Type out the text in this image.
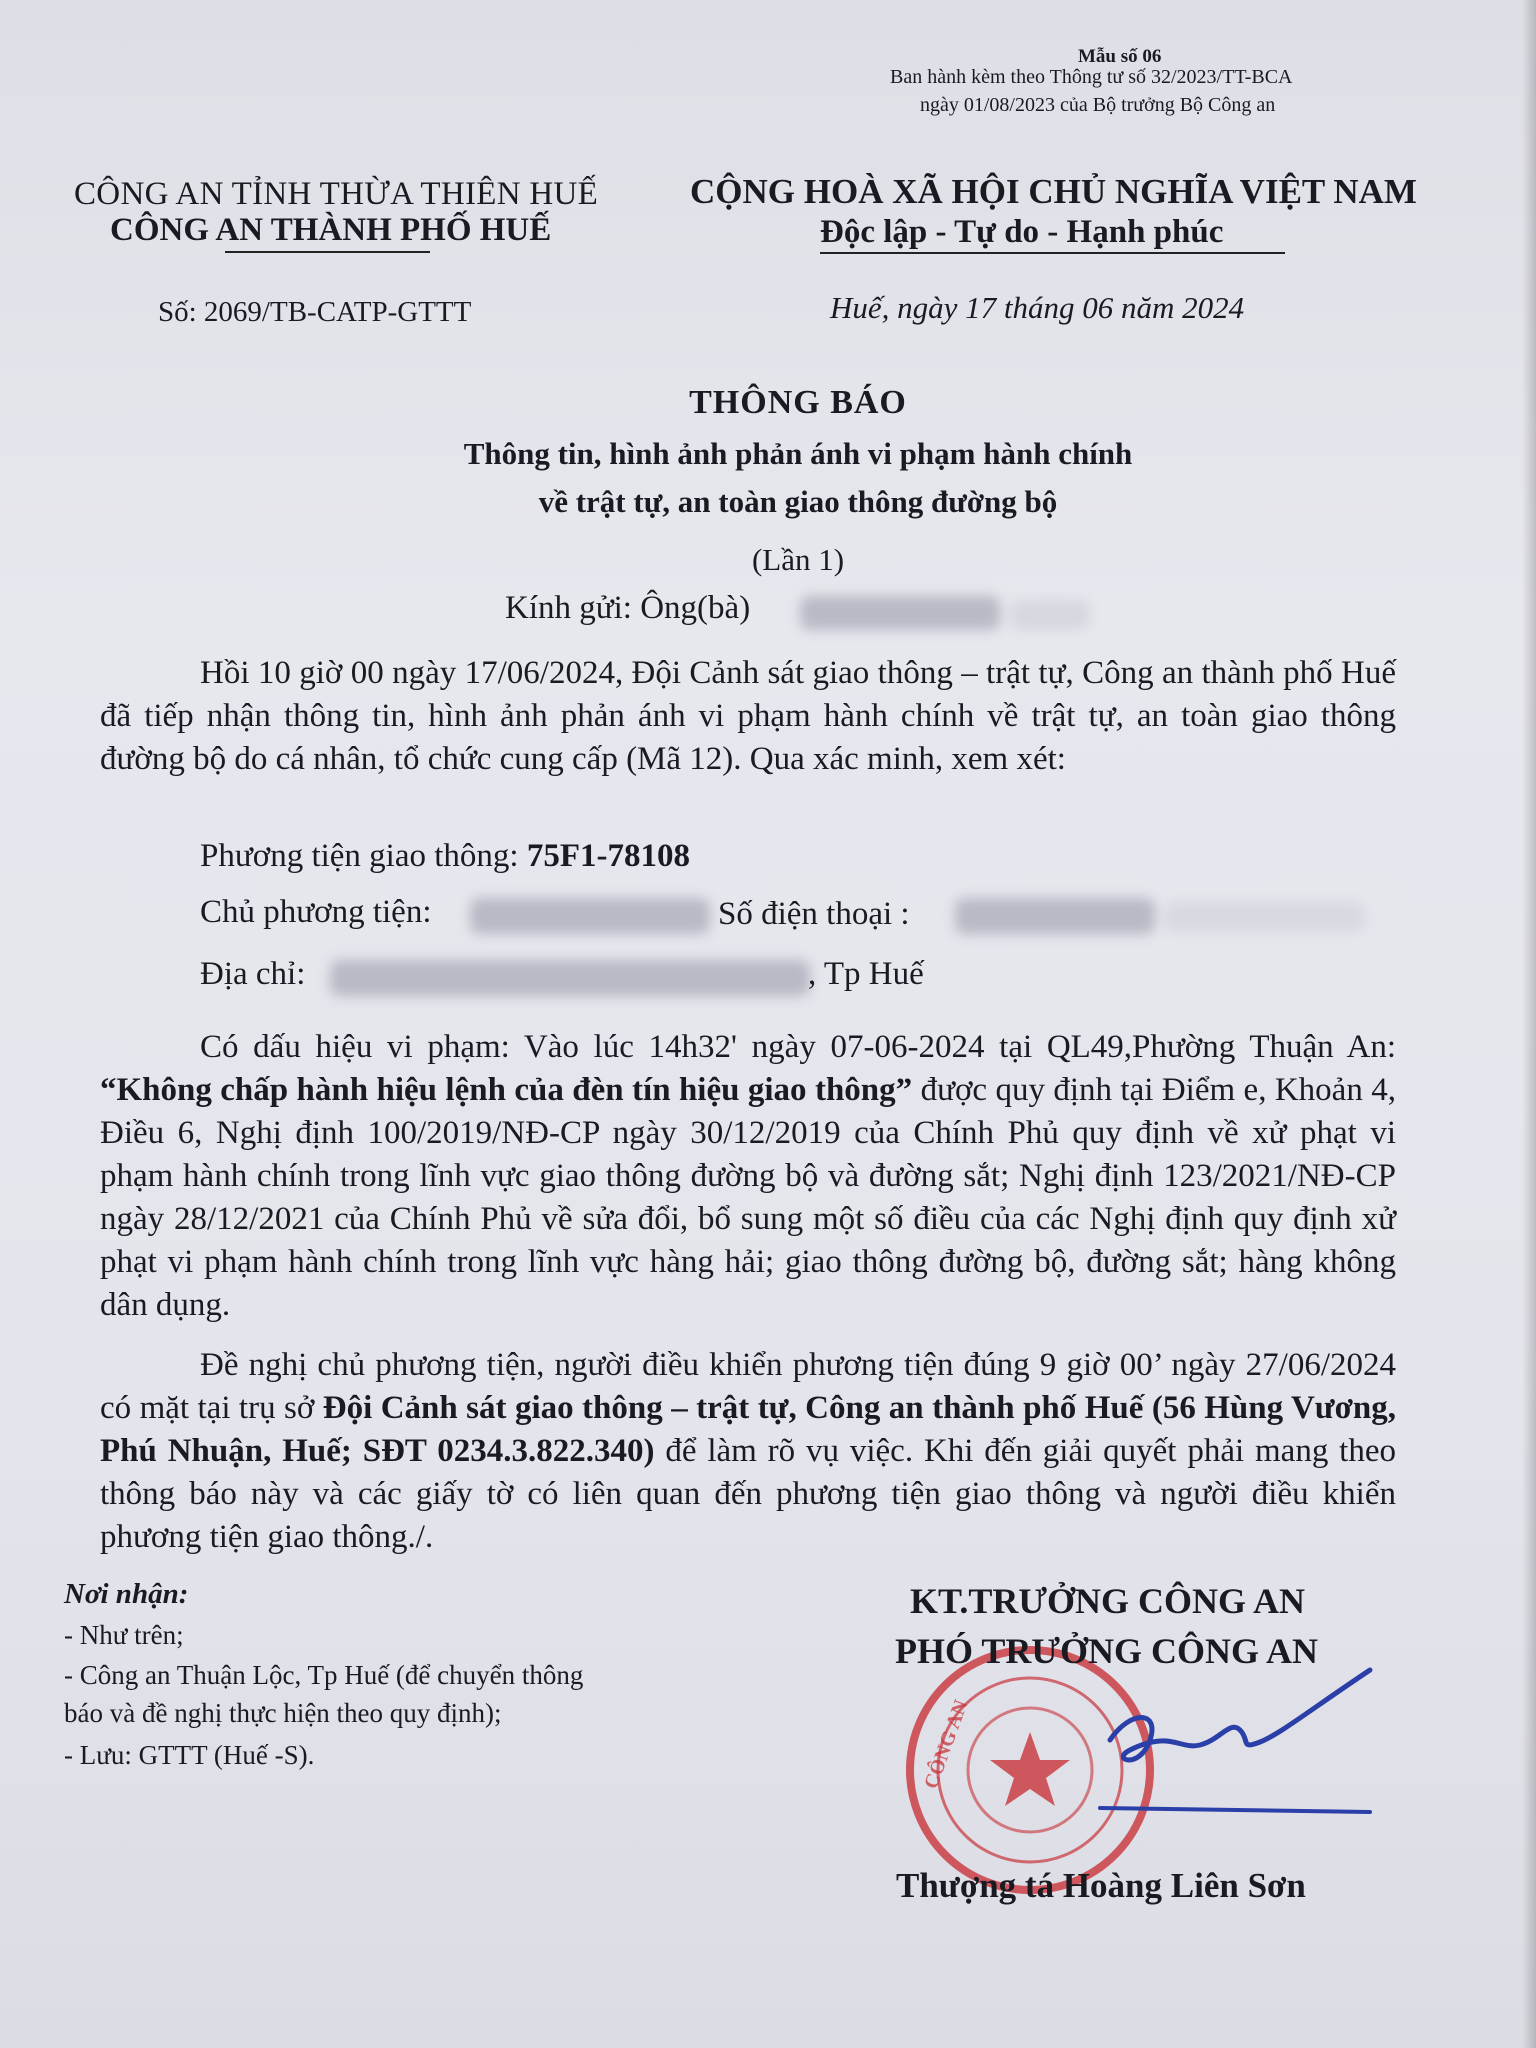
Mẫu số 06
Ban hành kèm theo Thông tư số 32/2023/TT-BCA
ngày 01/08/2023 của Bộ trưởng Bộ Công an
CÔNG AN TỈNH THỪA THIÊN HUẾ
CÔNG AN THÀNH PHỐ HUẾ
CỘNG HOÀ XÃ HỘI CHỦ NGHĨA VIỆT NAM
Độc lập - Tự do - Hạnh phúc
Số: 2069/TB-CATP-GTTT	Huế, ngày 17 tháng 06 năm 2024
THÔNG BÁO
Thông tin, hình ảnh phản ánh vi phạm hành chính
về trật tự, an toàn giao thông đường bộ
(Lần 1)
Kính gửi: Ông(bà)

Hồi 10 giờ 00 ngày 17/06/2024, Đội Cảnh sát giao thông – trật tự, Công an thành phố Huế đã tiếp nhận thông tin, hình ảnh phản ánh vi phạm hành chính về trật tự, an toàn giao thông đường bộ do cá nhân, tổ chức cung cấp (Mã 12). Qua xác minh, xem xét:

Phương tiện giao thông: 75F1-78108
Chủ phương tiện:	Số điện thoại :
Địa chỉ:	, Tp Huế

Có dấu hiệu vi phạm: Vào lúc 14h32' ngày 07-06-2024 tại QL49,Phường Thuận An: “Không chấp hành hiệu lệnh của đèn tín hiệu giao thông” được quy định tại Điểm e, Khoản 4, Điều 6, Nghị định 100/2019/NĐ-CP ngày 30/12/2019 của Chính Phủ quy định về xử phạt vi phạm hành chính trong lĩnh vực giao thông đường bộ và đường sắt; Nghị định 123/2021/NĐ-CP ngày 28/12/2021 của Chính Phủ về sửa đổi, bổ sung một số điều của các Nghị định quy định xử phạt vi phạm hành chính trong lĩnh vực hàng hải; giao thông đường bộ, đường sắt; hàng không dân dụng.

Đề nghị chủ phương tiện, người điều khiển phương tiện đúng 9 giờ 00’ ngày 27/06/2024 có mặt tại trụ sở Đội Cảnh sát giao thông – trật tự, Công an thành phố Huế (56 Hùng Vương, Phú Nhuận, Huế; SĐT 0234.3.822.340) để làm rõ vụ việc. Khi đến giải quyết phải mang theo thông báo này và các giấy tờ có liên quan đến phương tiện giao thông và người điều khiển phương tiện giao thông./.

Nơi nhận:
- Như trên;
- Công an Thuận Lộc, Tp Huế (để chuyển thông
báo và đề nghị thực hiện theo quy định);
- Lưu: GTTT (Huế -S).	CÔNG AN
KT.TRƯỞNG CÔNG AN
PHÓ TRƯỞNG CÔNG AN
Thượng tá Hoàng Liên Sơn
